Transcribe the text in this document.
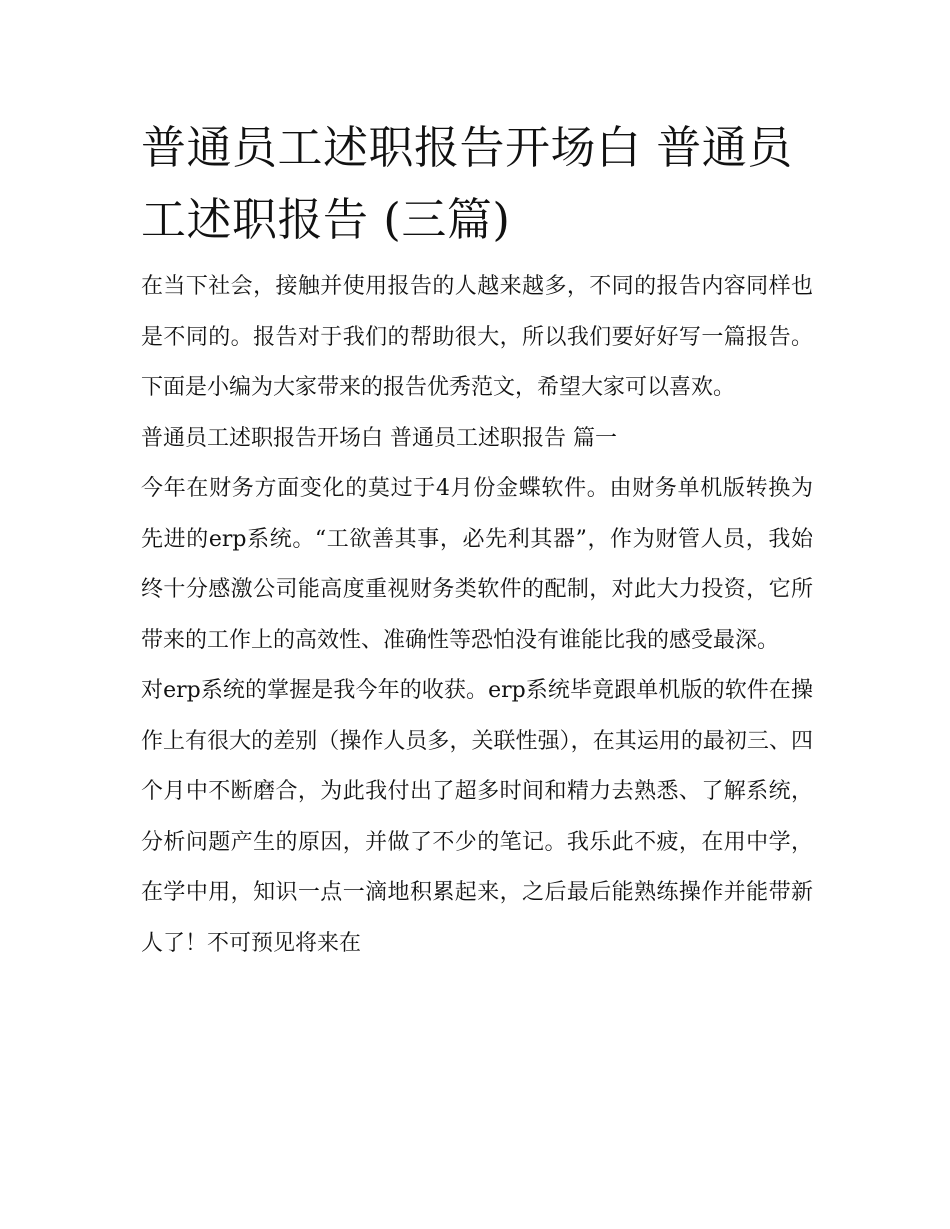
普通员工述职报告开场白 普通员工述职报告 (三篇)

在当下社会，接触并使用报告的人越来越多，不同的报告内容同样也是不同的。报告对于我们的帮助很大，所以我们要好好写一篇报告。下面是小编为大家带来的报告优秀范文，希望大家可以喜欢。

普通员工述职报告开场白 普通员工述职报告 篇一

今年在财务方面变化的莫过于4月份金蝶软件。由财务单机版转换为先进的erp系统。“工欲善其事，必先利其器”，作为财管人员，我始终十分感激公司能高度重视财务类软件的配制，对此大力投资，它所带来的工作上的高效性、准确性等恐怕没有谁能比我的感受最深。

对erp系统的掌握是我今年的收获。erp系统毕竟跟单机版的软件在操作上有很大的差别（操作人员多，关联性强），在其运用的最初三、四个月中不断磨合，为此我付出了超多时间和精力去熟悉、了解系统，分析问题产生的原因，并做了不少的笔记。我乐此不疲，在用中学，在学中用，知识一点一滴地积累起来，之后最后能熟练操作并能带新人了！不可预见将来在
